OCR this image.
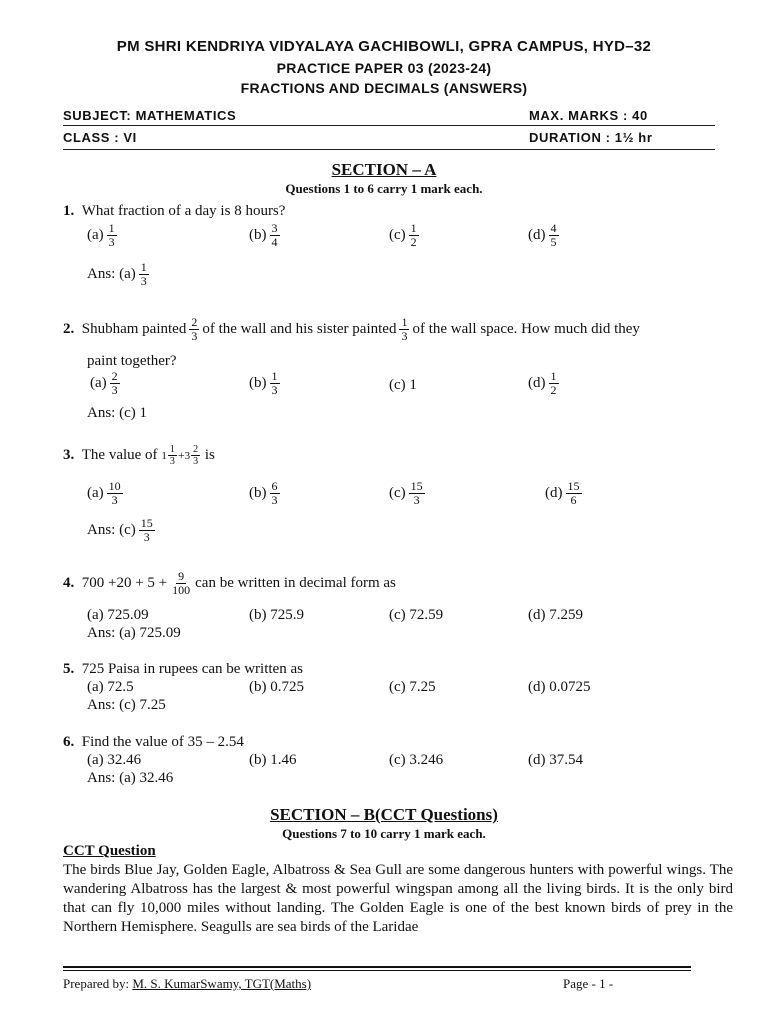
PM SHRI KENDRIYA VIDYALAYA GACHIBOWLI, GPRA CAMPUS, HYD–32
PRACTICE PAPER 03 (2023-24)
FRACTIONS AND DECIMALS (ANSWERS)
SUBJECT: MATHEMATICS	MAX. MARKS : 40
CLASS : VI	DURATION : 1½ hr
SECTION – A
Questions 1 to 6 carry 1 mark each.
1. What fraction of a day is 8 hours?
$(a) \frac{1}{3}$	$(b) \frac{3}{4}$	$(c) \frac{1}{2}$	$(d) \frac{4}{5}$
Ans: $(a) \frac{1}{3}$
2. Shubham painted $\frac{2}{3}$ of the wall and his sister painted $\frac{1}{3}$ of the wall space. How much did they
paint together?
$(a) \frac{2}{3}$	$(b) \frac{1}{3}$	(c) 1	$(d) \frac{1}{2}$
Ans: (c) 1
3. The value of $1 \frac{1}{3} +3 \frac{2}{3}$ is
$(a) \frac{10}{3}$	$(b) \frac{6}{3}$	$(c) \frac{15}{3}$	$(d) \frac{15}{6}$
Ans: $(c) \frac{15}{3}$
4. $700 +20 + 5 + \frac{9}{100}$ can be written in decimal form as
(a) 725.09	(b) 725.9	(c) 72.59	(d) 7.259
Ans: (a) 725.09
5. 725 Paisa in rupees can be written as
(a) 72.5	(b) 0.725	(c) 7.25	(d) 0.0725
Ans: (c) 7.25
6. Find the value of 35 – 2.54
(a) 32.46	(b) 1.46	(c) 3.246	(d) 37.54
Ans: (a) 32.46
SECTION – B(CCT Questions)
Questions 7 to 10 carry 1 mark each.
CCT Question
The birds Blue Jay, Golden Eagle, Albatross & Sea Gull are some dangerous hunters with powerful wings. The wandering Albatross has the largest & most powerful wingspan among all the living birds. It is the only bird that can fly 10,000 miles without landing. The Golden Eagle is one of the best known birds of prey in the Northern Hemisphere. Seagulls are sea birds of the Laridae
Prepared by: M. S. KumarSwamy, TGT(Maths)	Page - 1 -
